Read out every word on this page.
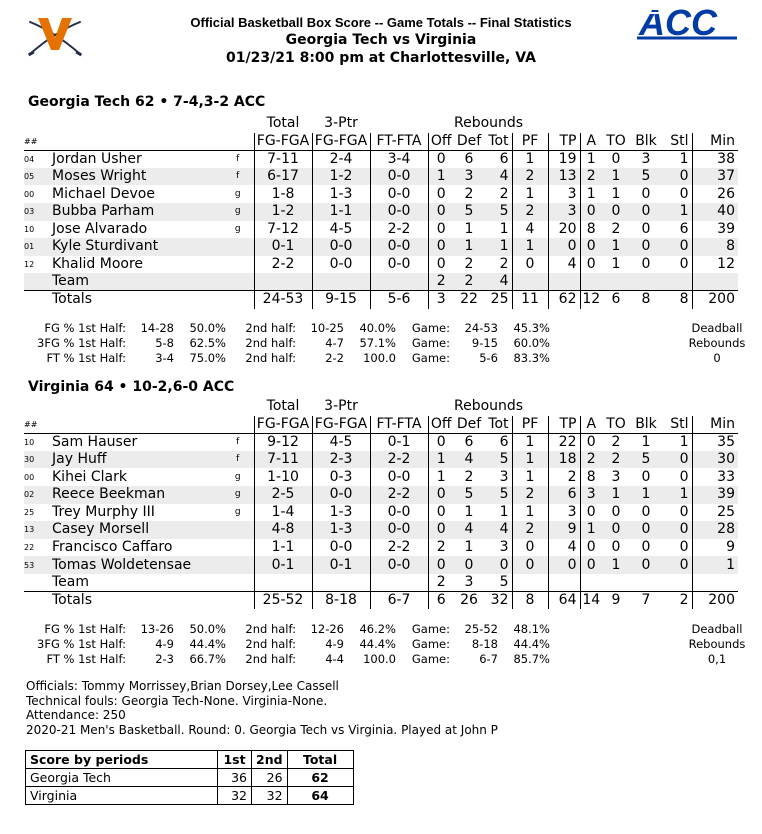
ACC
Official Basketball Box Score -- Game Totals -- Final Statistics
Georgia Tech vs Virginia
01/23/21 8:00 pm at Charlottesville, VA
Georgia Tech 62 • 7-4,3-2 ACC
			Total	3-Ptr			Rebounds								
##			FG-FGA	FG-FGA	FT-FTA	Off	Def	Tot	PF	TP	A	TO	Blk	Stl	Min
04	Jordan Usher	f	7-11	2-4	3-4	0	6	6	1	19	1	0	3	1	38
05	Moses Wright	f	6-17	1-2	0-0	1	3	4	2	13	2	1	5	0	37
00	Michael Devoe	g	1-8	1-3	0-0	0	2	2	1	3	1	1	0	0	26
03	Bubba Parham	g	1-2	1-1	0-0	0	5	5	2	3	0	0	0	1	40
10	Jose Alvarado	g	7-12	4-5	2-2	0	1	1	4	20	8	2	0	6	39
01	Kyle Sturdivant		0-1	0-0	0-0	0	1	1	1	0	0	1	0	0	8
12	Khalid Moore		2-2	0-0	0-0	0	2	2	0	4	0	1	0	0	12
	Team					2	2	4							
	Totals		24-53	9-15	5-6	3	22	25	11	62	12	6	8	8	200
FG % 1st Half:	14-28	50.0%	2nd half:	10-25	40.0%	Game:	24-53	45.3%
3FG % 1st Half:	5-8	62.5%	2nd half:	4-7	57.1%	Game:	9-15	60.0%
FT % 1st Half:	3-4	75.0%	2nd half:	2-2	100.0	Game:	5-6	83.3%
Deadball
Rebounds
0
Virginia 64 • 10-2,6-0 ACC
			Total	3-Ptr			Rebounds								
##			FG-FGA	FG-FGA	FT-FTA	Off	Def	Tot	PF	TP	A	TO	Blk	Stl	Min
10	Sam Hauser	f	9-12	4-5	0-1	0	6	6	1	22	0	2	1	1	35
30	Jay Huff	f	7-11	2-3	2-2	1	4	5	1	18	2	2	5	0	30
00	Kihei Clark	g	1-10	0-3	0-0	1	2	3	1	2	8	3	0	0	33
02	Reece Beekman	g	2-5	0-0	2-2	0	5	5	2	6	3	1	1	1	39
25	Trey Murphy III	g	1-4	1-3	0-0	0	1	1	1	3	0	0	0	0	25
13	Casey Morsell		4-8	1-3	0-0	0	4	4	2	9	1	0	0	0	28
22	Francisco Caffaro		1-1	0-0	2-2	2	1	3	0	4	0	0	0	0	9
53	Tomas Woldetensae		0-1	0-1	0-0	0	0	0	0	0	0	1	0	0	1
	Team					2	3	5							
	Totals		25-52	8-18	6-7	6	26	32	8	64	14	9	7	2	200
FG % 1st Half:	13-26	50.0%	2nd half:	12-26	46.2%	Game:	25-52	48.1%
3FG % 1st Half:	4-9	44.4%	2nd half:	4-9	44.4%	Game:	8-18	44.4%
FT % 1st Half:	2-3	66.7%	2nd half:	4-4	100.0	Game:	6-7	85.7%
Deadball
Rebounds
0,1
Officials: Tommy Morrissey,Brian Dorsey,Lee Cassell
Technical fouls: Georgia Tech-None. Virginia-None.
Attendance: 250
2020-21 Men's Basketball. Round: 0. Georgia Tech vs Virginia. Played at John P
Score by periods	1st	2nd	Total
Georgia Tech	36	26	62
Virginia	32	32	64
